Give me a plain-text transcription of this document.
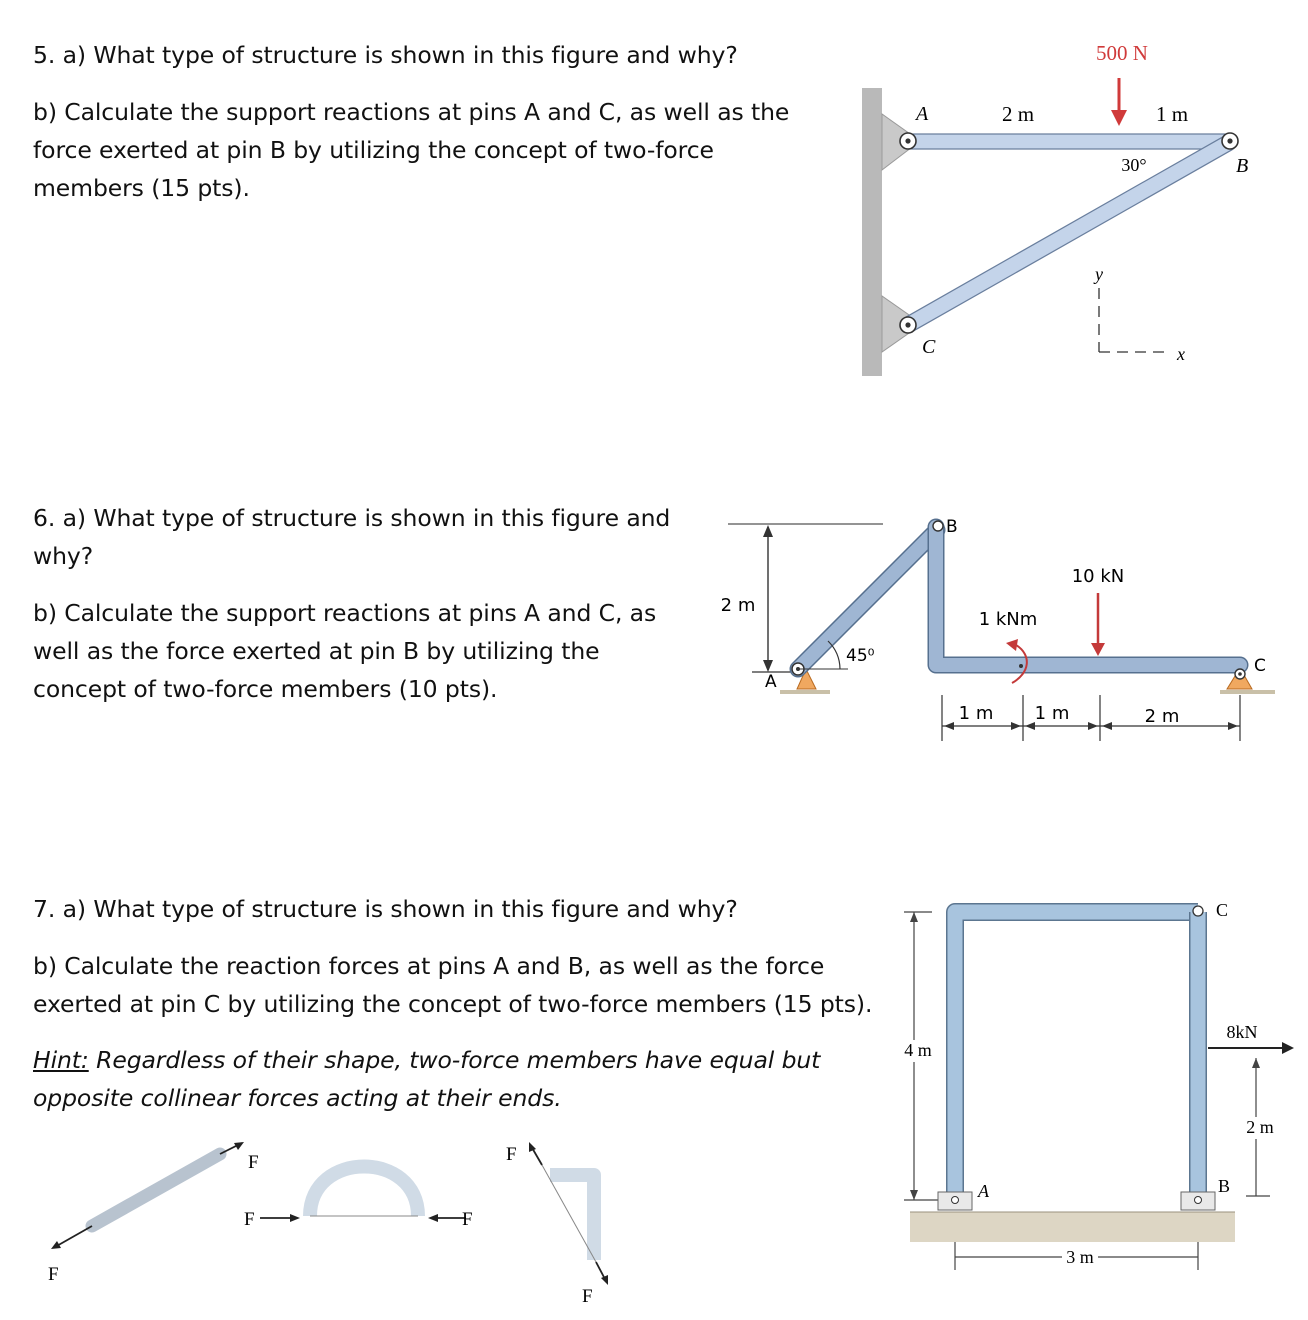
5. a) What type of structure is shown in this figure and why?

b) Calculate the support reactions at pins A and C, as well as the

force exerted at pin B by utilizing the concept of two-force

members (15 pts).

500 N
A	2 m	1 m
B
30°
C
y
x

6. a) What type of structure is shown in this figure and

why?

b) Calculate the support reactions at pins A and C, as

well as the force exerted at pin B by utilizing the

concept of two-force members (10 pts).

2 m
45⁰
A
B
C
10 kN
1 kNm
1 m 1 m	2 m

7. a) What type of structure is shown in this figure and why?

b) Calculate the reaction forces at pins A and B, as well as the force

exerted at pin C by utilizing the concept of two-force members (15 pts).

Hint: Regardless of their shape, two-force members have equal but

opposite collinear forces acting at their ends.

F
F
F	F
F
F
4 m
A	B
C
8kN
2 m
3 m
